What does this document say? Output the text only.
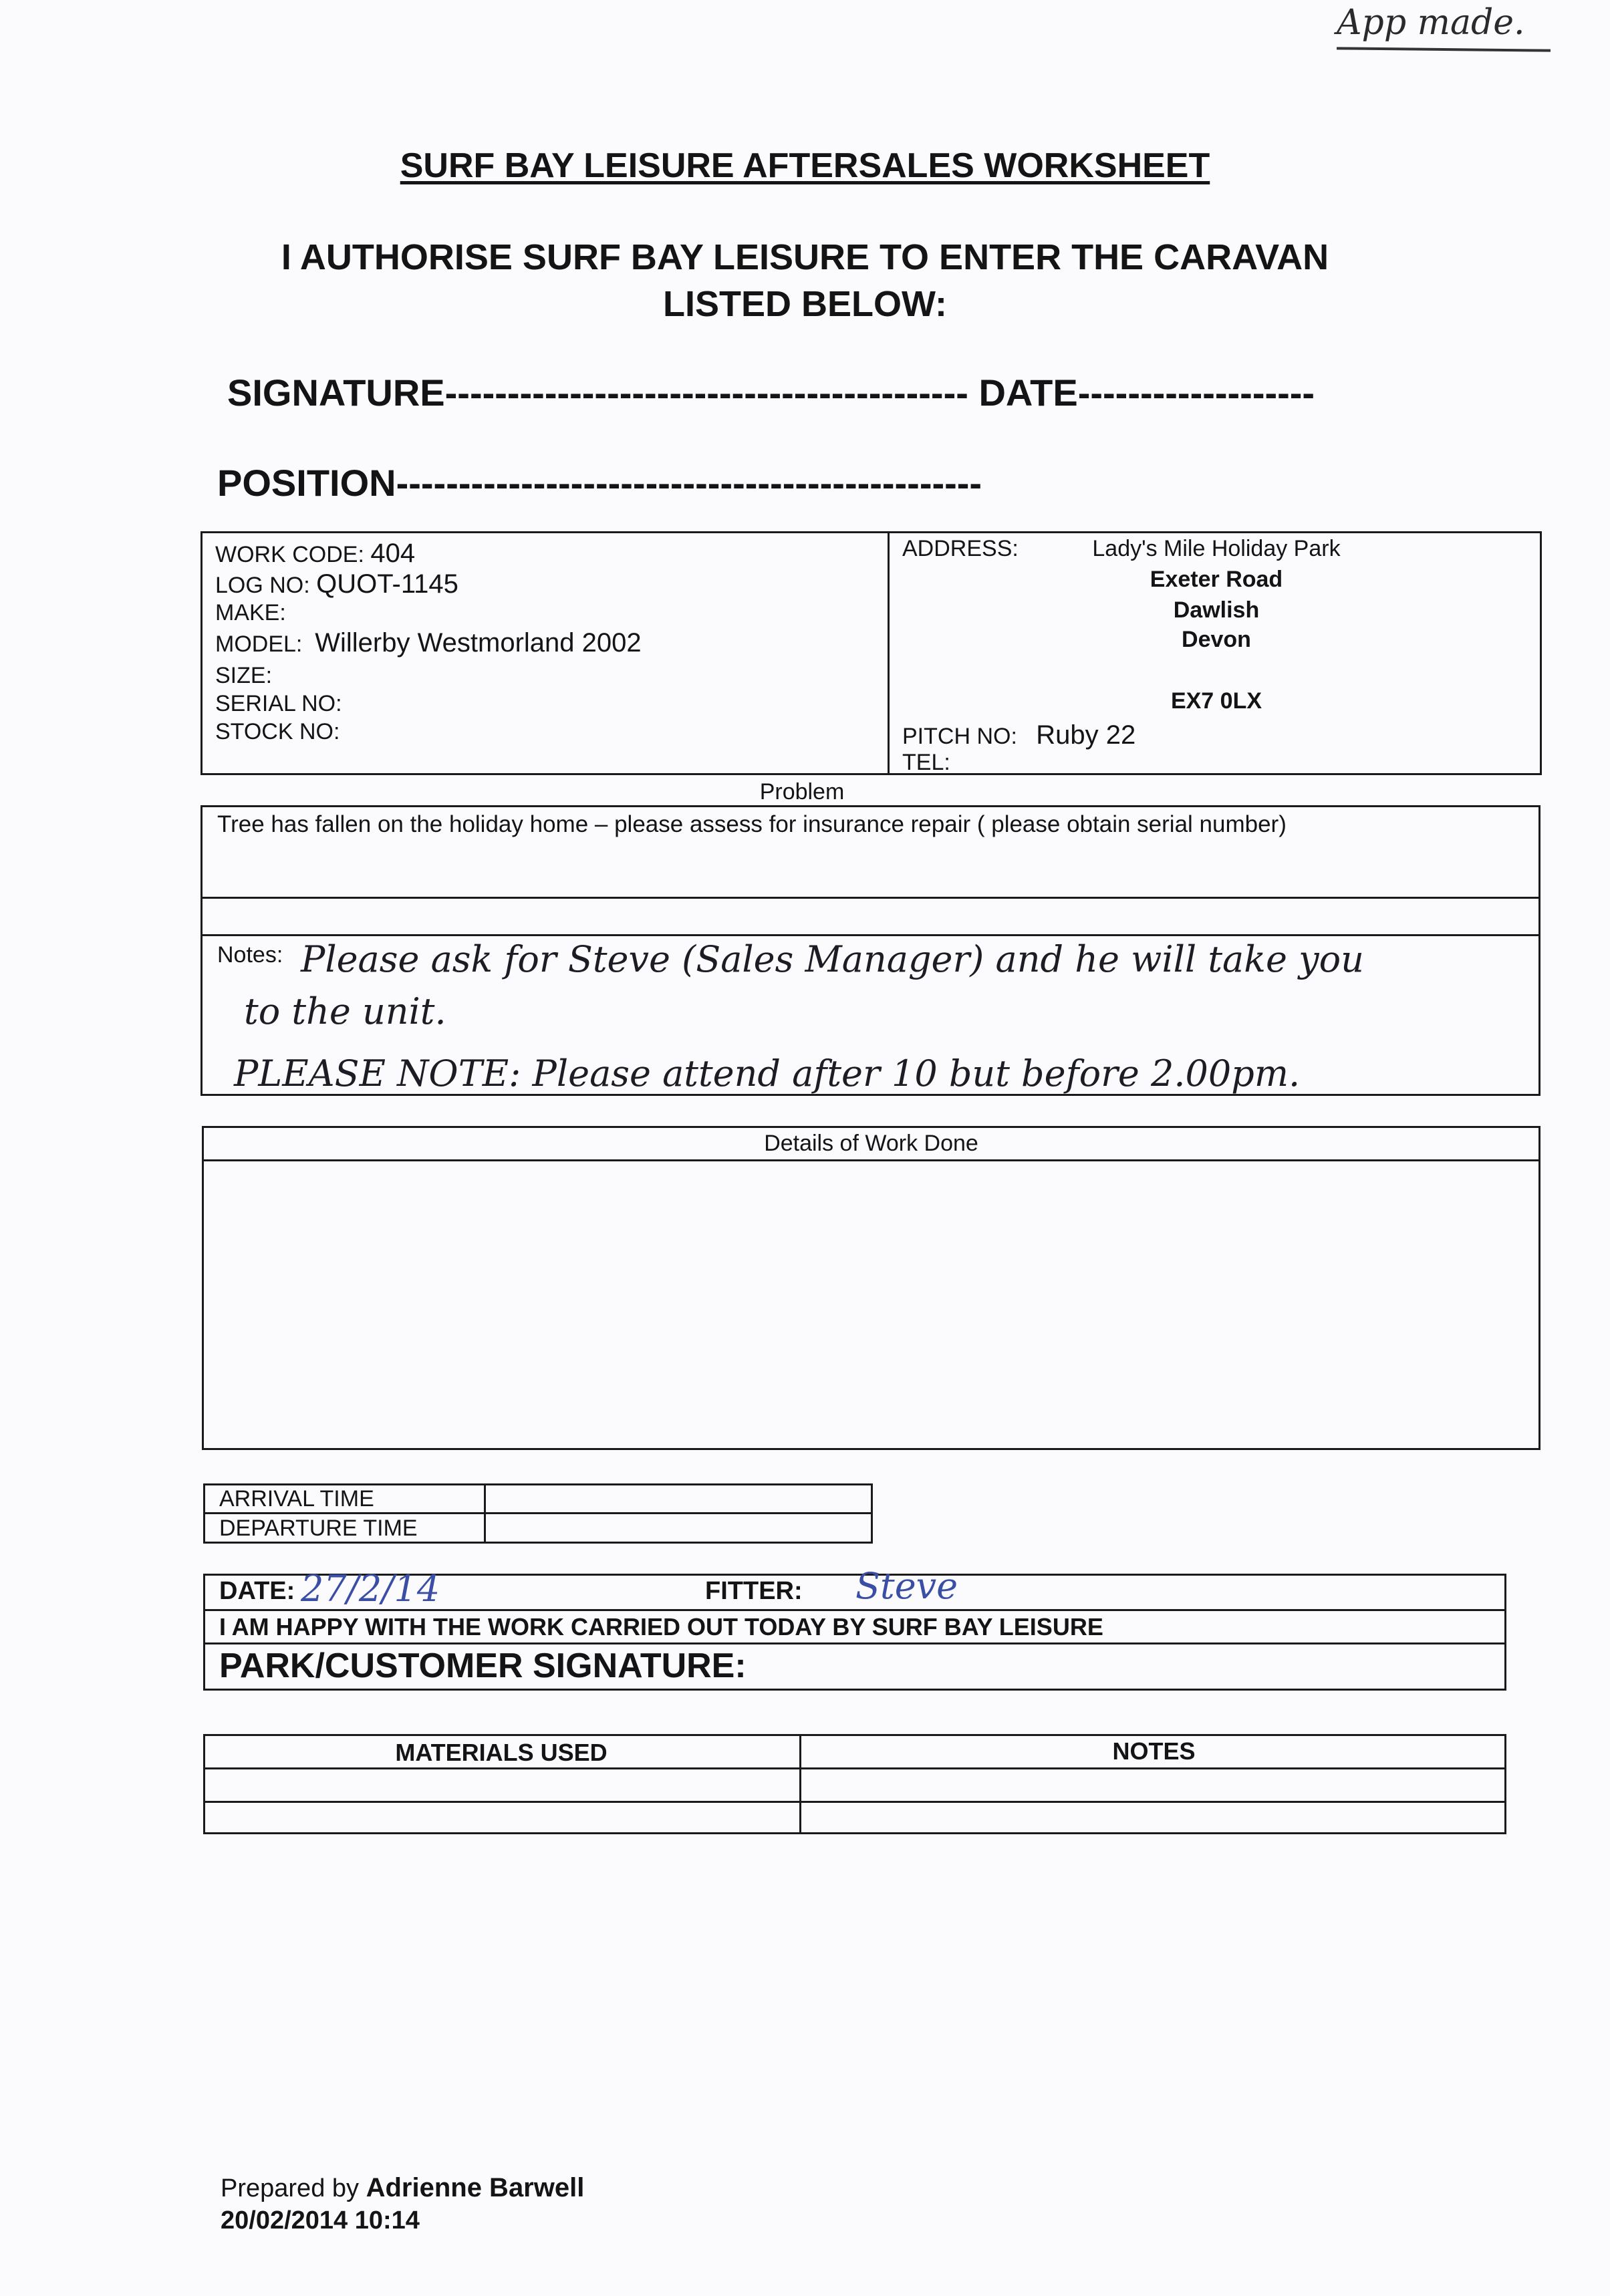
App made.
SURF BAY LEISURE AFTERSALES WORKSHEET
I AUTHORISE SURF BAY LEISURE TO ENTER THE CARAVAN
LISTED BELOW:
SIGNATURE------------------------------------------ DATE-------------------
POSITION-----------------------------------------------
WORK CODE: 404
LOG NO: QUOT-1145
MAKE:
MODEL: Willerby Westmorland 2002
SIZE:
SERIAL NO:
STOCK NO:
ADDRESS:	Lady's Mile Holiday Park
Exeter Road
Dawlish
Devon
EX7 0LX
PITCH NO: Ruby 22
TEL:
Problem
Tree has fallen on the holiday home – please assess for insurance repair ( please obtain serial number)
Notes: Please ask for Steve (Sales Manager) and he will take you
to the unit.
PLEASE NOTE: Please attend after 10 but before 2.00pm.
Details of Work Done
ARRIVAL TIME
DEPARTURE TIME
DATE: 27/2/14	FITTER: Steve
I AM HAPPY WITH THE WORK CARRIED OUT TODAY BY SURF BAY LEISURE
PARK/CUSTOMER SIGNATURE:
MATERIALS USED	NOTES
Prepared by Adrienne Barwell
20/02/2014 10:14
